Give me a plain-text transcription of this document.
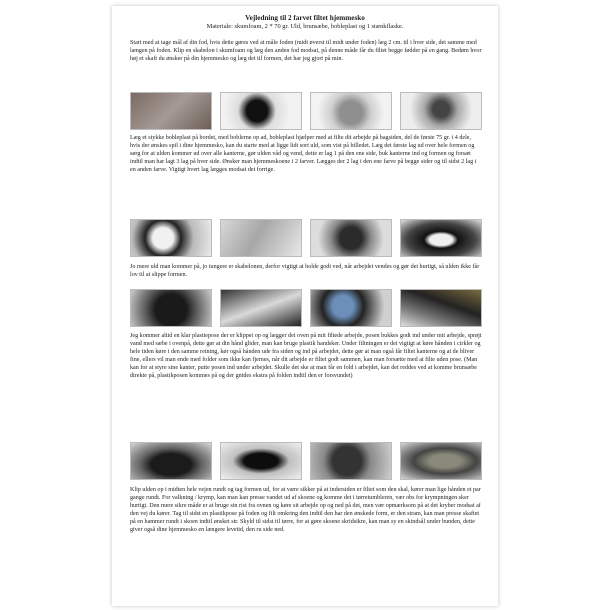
Vejledning til 2 farvet filtet hjemmesko
Materiale: skumfoam, 2 * 70 gr. Uld, brunsæbe, bobleplast og 1 stænkflaske.

Start med at tage mål af din fod, hvis dette gøres ved at måle foden (midt øverst til midt under foden) læg 2 cm. til i hver side, det samme med længen på foden. Klip en skabelon i skumfoam og læg den anden fod modsat, på denne måde får du filtet begge fødder på en gang. Bedøm hvor høj et skaft du ønsker på din hjemmesko og læg det til formen, det har jeg gjort på min.

Læg et stykke bobleplast på bordet, med boblerne op ad, bobleplast hjælper med at filte dit arbejde på bagsiden, del de første 75 gr. i 4 dele, hvis der ønskes spil i dine hjemmesko, kan du starte med at ligge lidt sort uld, som vist på billedet. Læg det første lag ud over hele formen og sørg for at ulden kommer ud over alle kanterne, gør ulden våd og vend, dette er lag 1 på den ene side, buk kanterne ind og formen og forsæt indtil man har lagt 3 lag på hver side. Ønsker man hjemmeskoene i 2 farver. Lægges der 2 lag i den ene farve på begge sider og til sidst 2 lag i en anden farve. Vigtigt hvert lag lægges modsat det forrige.

Jo mere uld man kommer på, jo tungere er skabelonen, derfor vigtigt at holde godt ved, når arbejdet vendes og gør det hurtigt, så ulden ikke får lov til at slippe formen.

Jeg kommer altid en klar plastiepose der er klippet op og lægger det oven på mit filtede arbejde, posen bukkes godt ind under mit arbejde, sprøjt vand med sæbe i ovenpå, dette gør at din hånd glider, man kan bruge plastik handsker. Under filtningen er det vigtigt at køre hånden i cirkler og hele tiden køre i den samme retning, kør også hånden ude fra siden og ind på arbejdet, dette gør at man også får filtet kanterne og at de bliver fine, ellers vil man ende med folder som ikke kan fjernes, når dit arbejde er filtet godt sammen, kan man forsætte med at filte uden pose. (Man kan for at styre sine kanter, putte posen ind under arbejdet. Skulle det ske at man får en fold i arbejdet, kan det reddes ved at komme brunsæbe direkte på, plastikposen kommes på og der gnides ekstra på folden indtil den er forsvundet)

Klip ulden op i midten hele vejen rundt og tag formen ud, for at være sikker på at indersiden er filtet som den skal, kører man lige hånden et par gange rundt. For valkning / krymp, kan man kan presse vandet ud af skoene og komme det i tørretumbleren, vær obs for krympningen sker hurtigt. Den mere sikre måde er at bruge sin rist fra ovnen og køre sit arbejde op og ned på det, men vær opmærksom på at det kryber modsat af den vej du kører. Tag til sidst en plastikpose på foden og filt omkring den indtil den har den ønskede form, er den stram, kan man presse skaftet på en hammer rundt i skoen indtil ønsket str. Skyld til sidst til tørre, for at gøre skoene skridsikre, kan man sy en skindsål under bunden, dette giver også dine hjemmesko en længere levetid, den ru side ned.
